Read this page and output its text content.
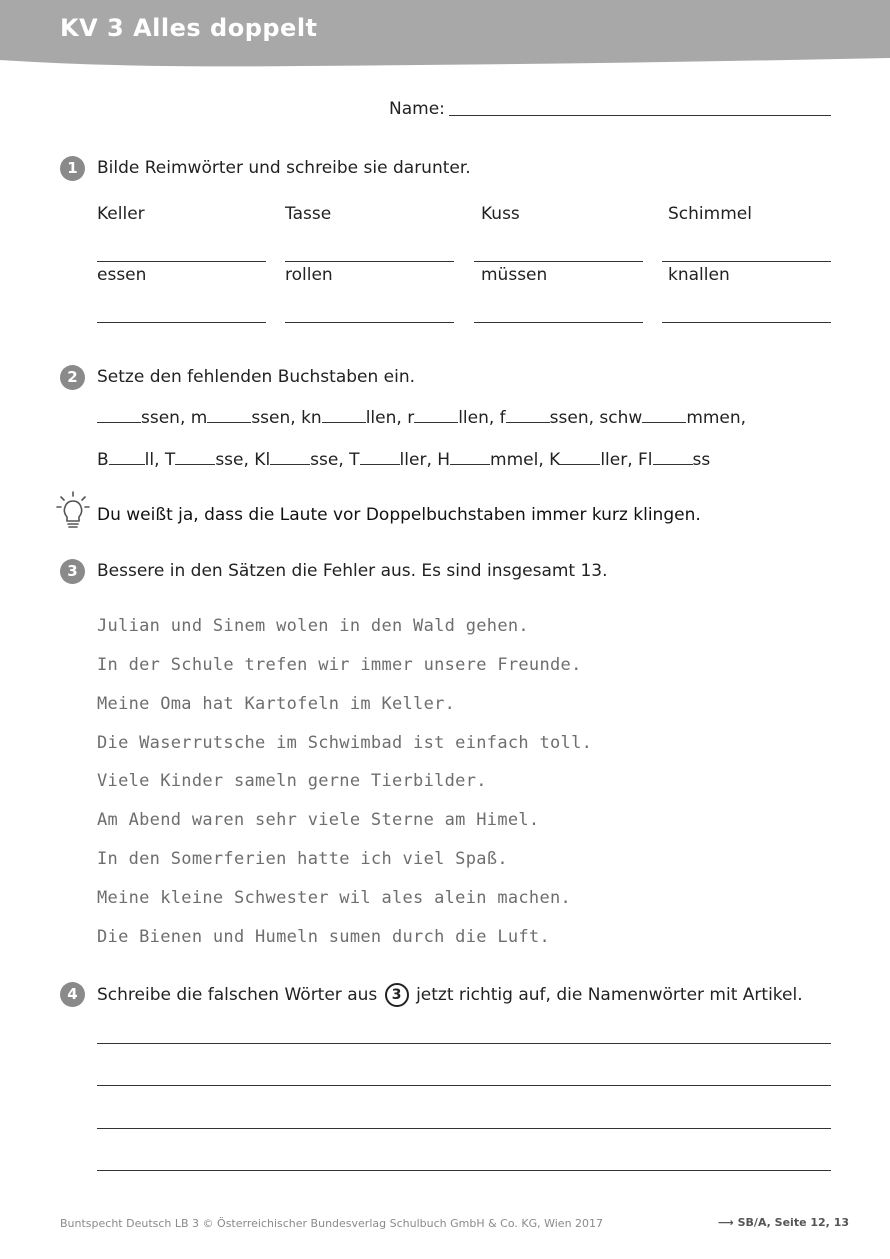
KV 3 Alles doppelt
Name:
1	Bilde Reimwörter und schreibe sie darunter.
Keller	Tasse	Kuss	Schimmel
essen	rollen	müssen	knallen
2	Setze den fehlenden Buchstaben ein.
ssen, m	ssen, kn	llen, r	llen, f	ssen, schw	mmen,
B ll, T sse, Kl sse, T ller, H mmel, K ller, Fl ss
Du weißt ja, dass die Laute vor Doppelbuchstaben immer kurz klingen.
3	Bessere in den Sätzen die Fehler aus. Es sind insgesamt 13.
Julian und Sinem wolen in den Wald gehen.
In der Schule trefen wir immer unsere Freunde.
Meine Oma hat Kartofeln im Keller.
Die Waserrutsche im Schwimbad ist einfach toll.
Viele Kinder sameln gerne Tierbilder.
Am Abend waren sehr viele Sterne am Himel.
In den Somerferien hatte ich viel Spaß.
Meine kleine Schwester wil ales alein machen.
Die Bienen und Humeln sumen durch die Luft.
4	Schreibe die falschen Wörter aus 3 jetzt richtig auf, die Namenwörter mit Artikel.
Buntspecht Deutsch LB 3 © Österreichischer Bundesverlag Schulbuch GmbH & Co. KG, Wien 2017	⟶ SB/A, Seite 12, 13
